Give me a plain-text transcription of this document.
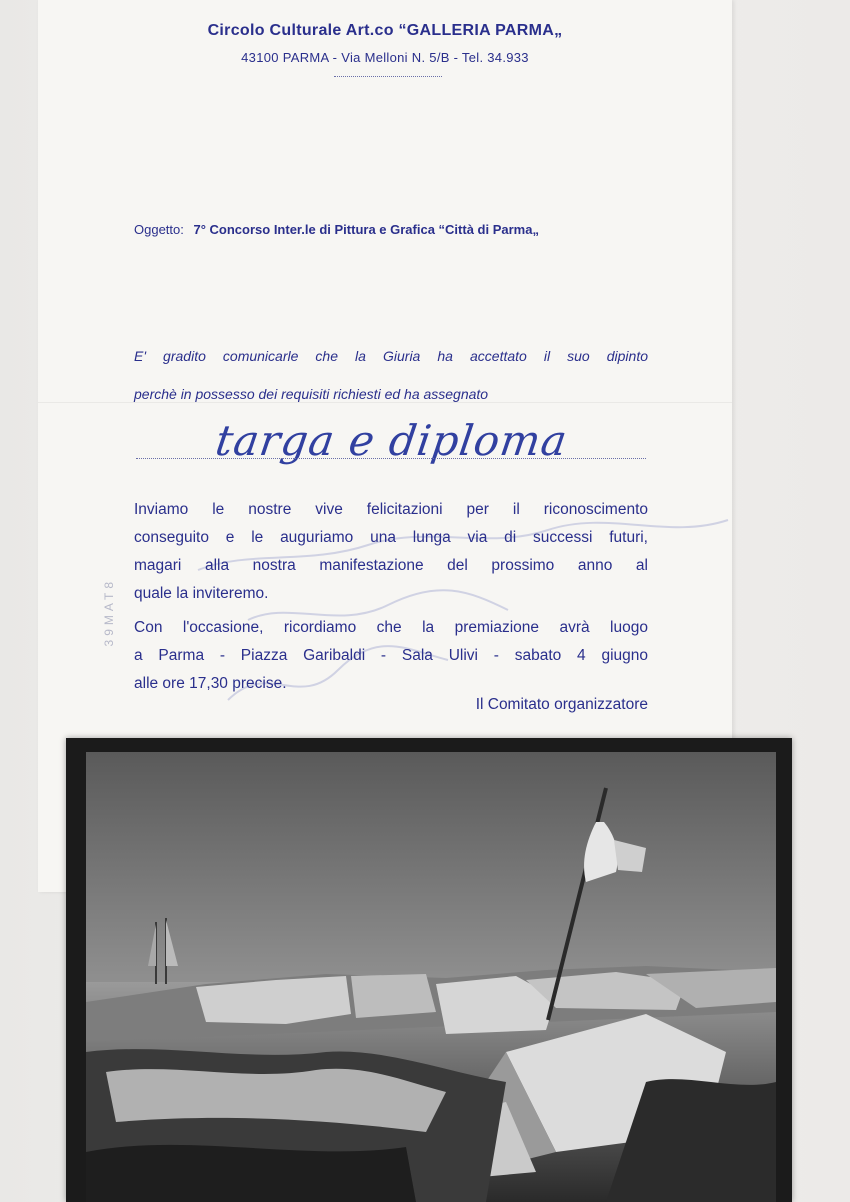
Circolo Culturale Art.co “GALLERIA PARMA„
43100 PARMA - Via Melloni N. 5/B - Tel. 34.933
Oggetto: 7° Concorso Inter.le di Pittura e Grafica “Città di Parma„
E' gradito comunicarle che la Giuria ha accettato il suo dipinto
perchè in possesso dei requisiti richiesti ed ha assegnato
targa e diploma
39MAT8
Inviamo le nostre vive felicitazioni per il riconoscimento
conseguito e le auguriamo una lunga via di successi futuri,
magari alla nostra manifestazione del prossimo anno al
quale la inviteremo.
Con l'occasione, ricordiamo che la premiazione avrà luogo
a Parma - Piazza Garibaldi - Sala Ulivi - sabato 4 giugno
alle ore 17,30 precise.
Il Comitato organizzatore
